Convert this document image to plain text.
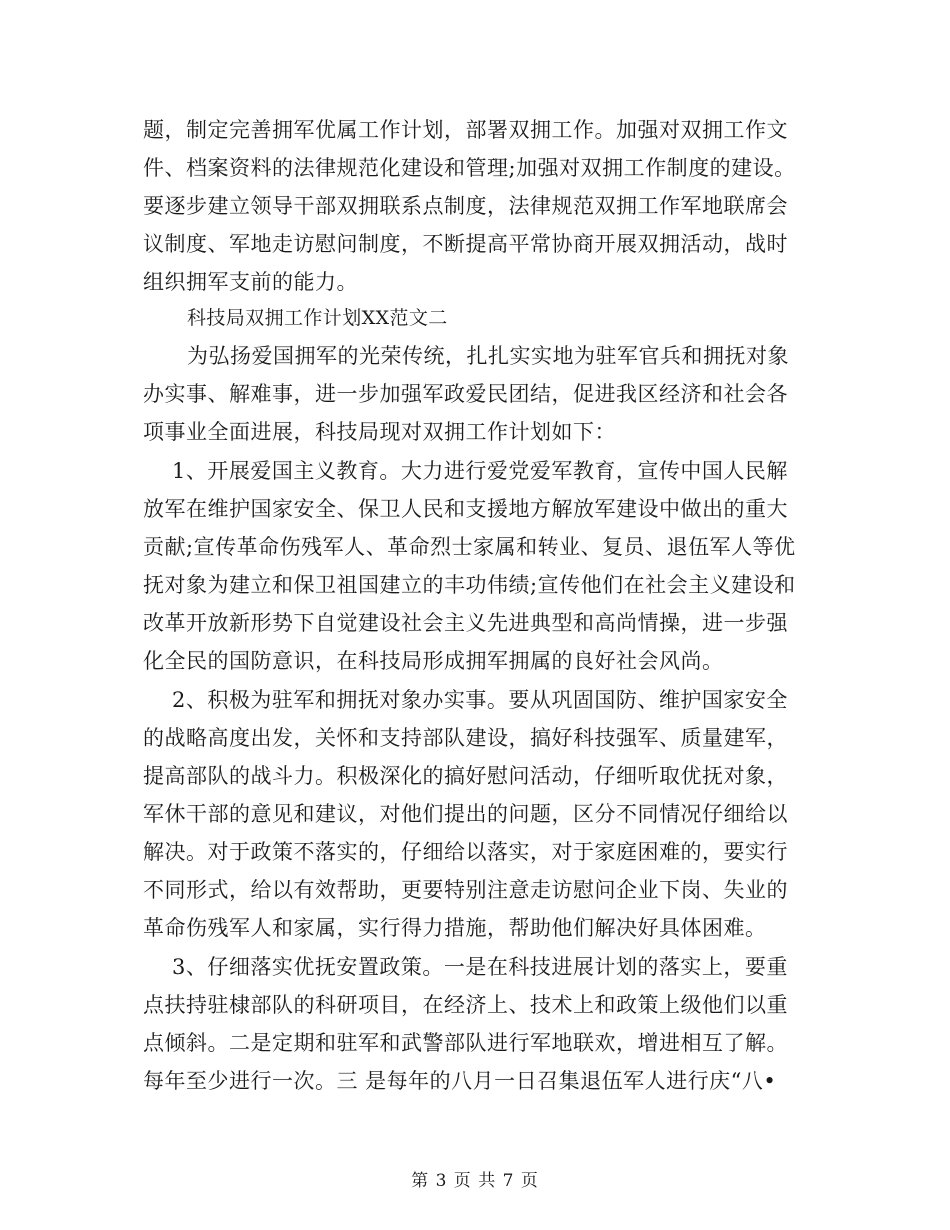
题，制定完善拥军优属工作计划，部署双拥工作。加强对双拥工作文
件、档案资料的法律规范化建设和管理;加强对双拥工作制度的建设。
要逐步建立领导干部双拥联系点制度，法律规范双拥工作军地联席会
议制度、军地走访慰问制度，不断提高平常协商开展双拥活动，战时
组织拥军支前的能力。
科技局双拥工作计划XX范文二
为弘扬爱国拥军的光荣传统，扎扎实实地为驻军官兵和拥抚对象
办实事、解难事，进一步加强军政爱民团结，促进我区经济和社会各
项事业全面进展，科技局现对双拥工作计划如下：
1、开展爱国主义教育。大力进行爱党爱军教育，宣传中国人民解
放军在维护国家安全、保卫人民和支援地方解放军建设中做出的重大
贡献;宣传革命伤残军人、革命烈士家属和转业、复员、退伍军人等优
抚对象为建立和保卫祖国建立的丰功伟绩;宣传他们在社会主义建设和
改革开放新形势下自觉建设社会主义先进典型和高尚情操，进一步强
化全民的国防意识，在科技局形成拥军拥属的良好社会风尚。
2、积极为驻军和拥抚对象办实事。要从巩固国防、维护国家安全
的战略高度出发，关怀和支持部队建设，搞好科技强军、质量建军，
提高部队的战斗力。积极深化的搞好慰问活动，仔细听取优抚对象，
军休干部的意见和建议，对他们提出的问题，区分不同情况仔细给以
解决。对于政策不落实的，仔细给以落实，对于家庭困难的，要实行
不同形式，给以有效帮助，更要特别注意走访慰问企业下岗、失业的
革命伤残军人和家属，实行得力措施，帮助他们解决好具体困难。
3、仔细落实优抚安置政策。一是在科技进展计划的落实上，要重
点扶持驻棣部队的科研项目，在经济上、技术上和政策上级他们以重
点倾斜。二是定期和驻军和武警部队进行军地联欢，增进相互了解。
每年至少进行一次。三 是每年的八月一日召集退伍军人进行庆“八•
第 3 页 共 7 页
